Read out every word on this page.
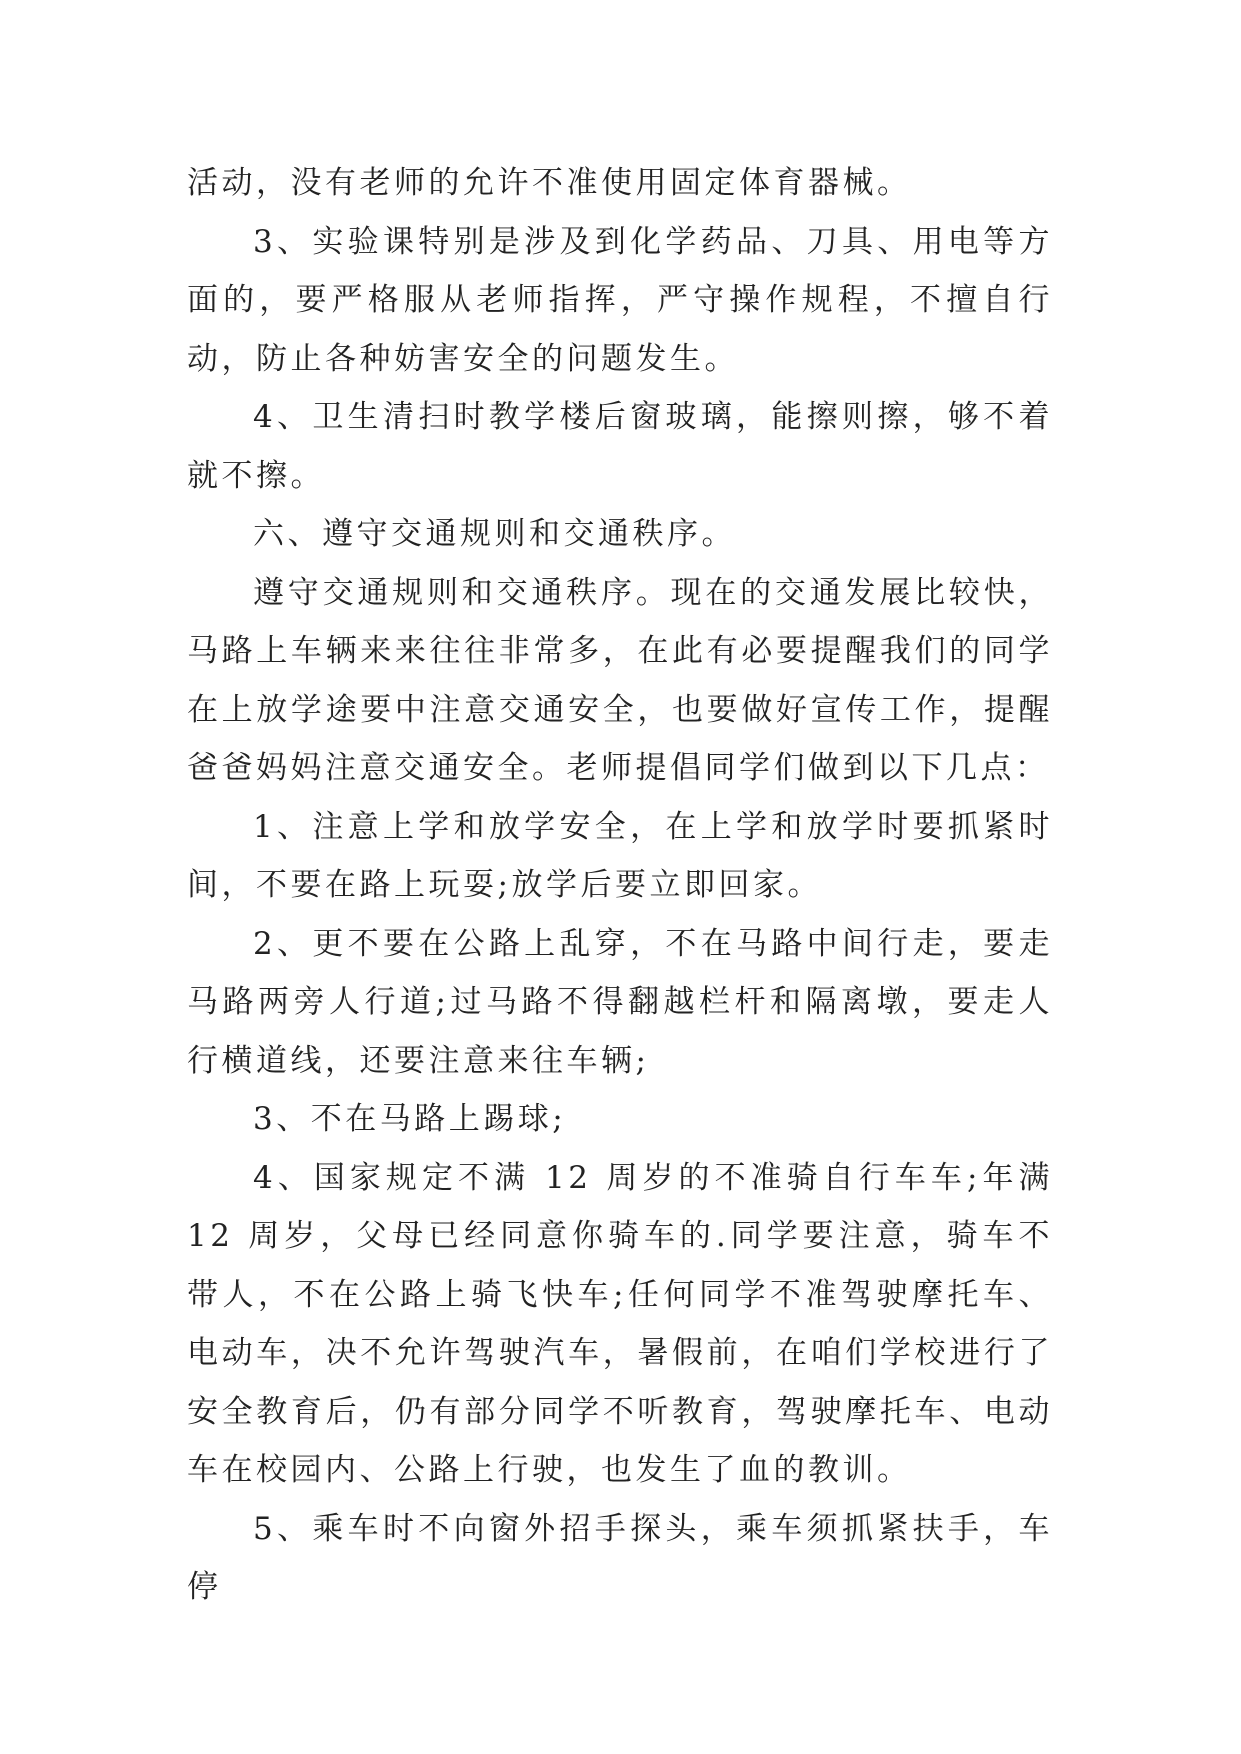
活动，没有老师的允许不准使用固定体育器械。

3、实验课特别是涉及到化学药品、刀具、用电等方面的，要严格服从老师指挥，严守操作规程，不擅自行动，防止各种妨害安全的问题发生。

4、卫生清扫时教学楼后窗玻璃，能擦则擦，够不着就不擦。

六、遵守交通规则和交通秩序。

遵守交通规则和交通秩序。现在的交通发展比较快，马路上车辆来来往往非常多，在此有必要提醒我们的同学在上放学途要中注意交通安全，也要做好宣传工作，提醒爸爸妈妈注意交通安全。老师提倡同学们做到以下几点：

1、注意上学和放学安全，在上学和放学时要抓紧时间，不要在路上玩耍;放学后要立即回家。

2、更不要在公路上乱穿，不在马路中间行走，要走马路两旁人行道;过马路不得翻越栏杆和隔离墩，要走人行横道线，还要注意来往车辆;

3、不在马路上踢球;

4、国家规定不满 12 周岁的不准骑自行车车;年满 12 周岁，父母已经同意你骑车的.同学要注意，骑车不带人，不在公路上骑飞快车;任何同学不准驾驶摩托车、电动车，决不允许驾驶汽车，暑假前，在咱们学校进行了安全教育后，仍有部分同学不听教育，驾驶摩托车、电动车在校园内、公路上行驶，也发生了血的教训。

5、乘车时不向窗外招手探头，乘车须抓紧扶手，车停
